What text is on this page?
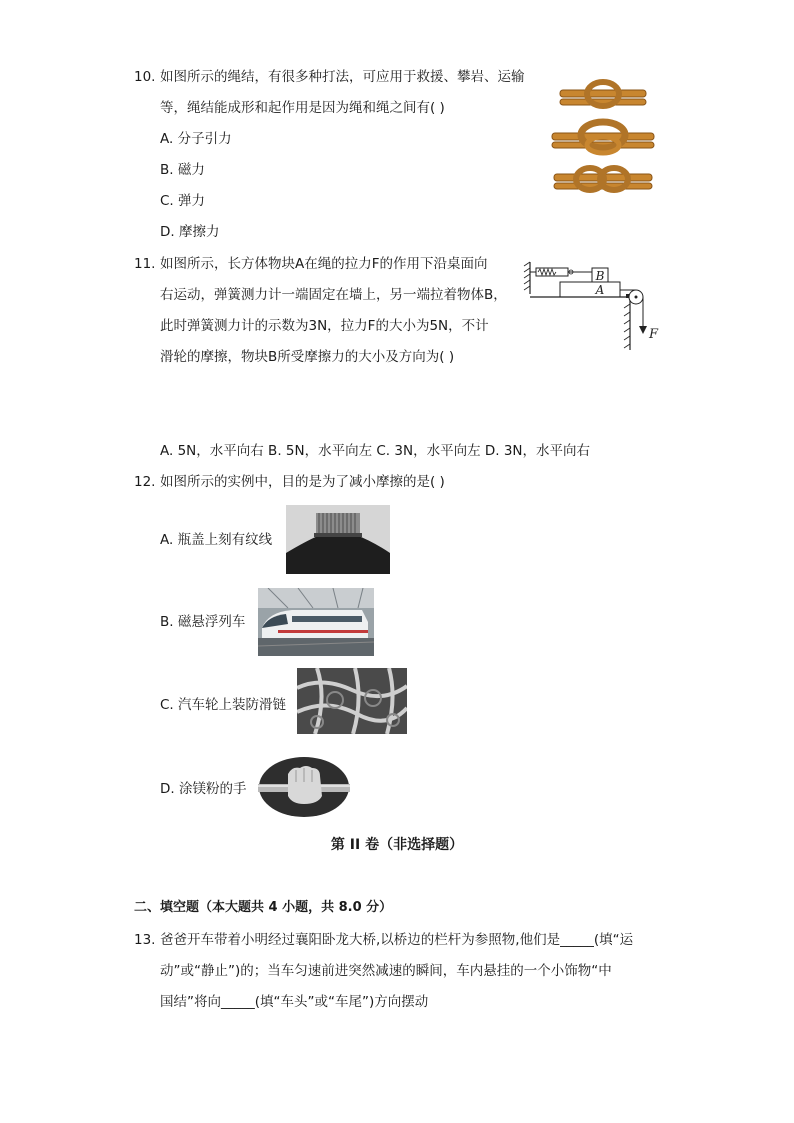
10. 如图所示的绳结，有很多种打法，可应用于救援、攀岩、运输
等，绳结能成形和起作用是因为绳和绳之间有( )
A. 分子引力
B. 磁力
C. 弹力
D. 摩擦力
11. 如图所示，长方体物块A在绳的拉力F的作用下沿桌面向
右运动，弹簧测力计一端固定在墙上，另一端拉着物体B，
此时弹簧测力计的示数为3N，拉力F的大小为5N，不计
滑轮的摩擦，物块B所受摩擦力的大小及方向为( )
B
A
F
A. 5N，水平向右 B. 5N，水平向左 C. 3N，水平向左 D. 3N，水平向右
12. 如图所示的实例中，目的是为了减小摩擦的是( )
A. 瓶盖上刻有纹线
B. 磁悬浮列车
C. 汽车轮上装防滑链
D. 涂镁粉的手
第 II 卷（非选择题）
二、填空题（本大题共 4 小题，共 8.0 分）
13. 爸爸开车带着小明经过襄阳卧龙大桥,以桥边的栏杆为参照物,他们是_____(填“运
动”或“静止”)的；当车匀速前进突然减速的瞬间，车内悬挂的一个小饰物“中
国结”将向_____(填“车头”或“车尾”)方向摆动
